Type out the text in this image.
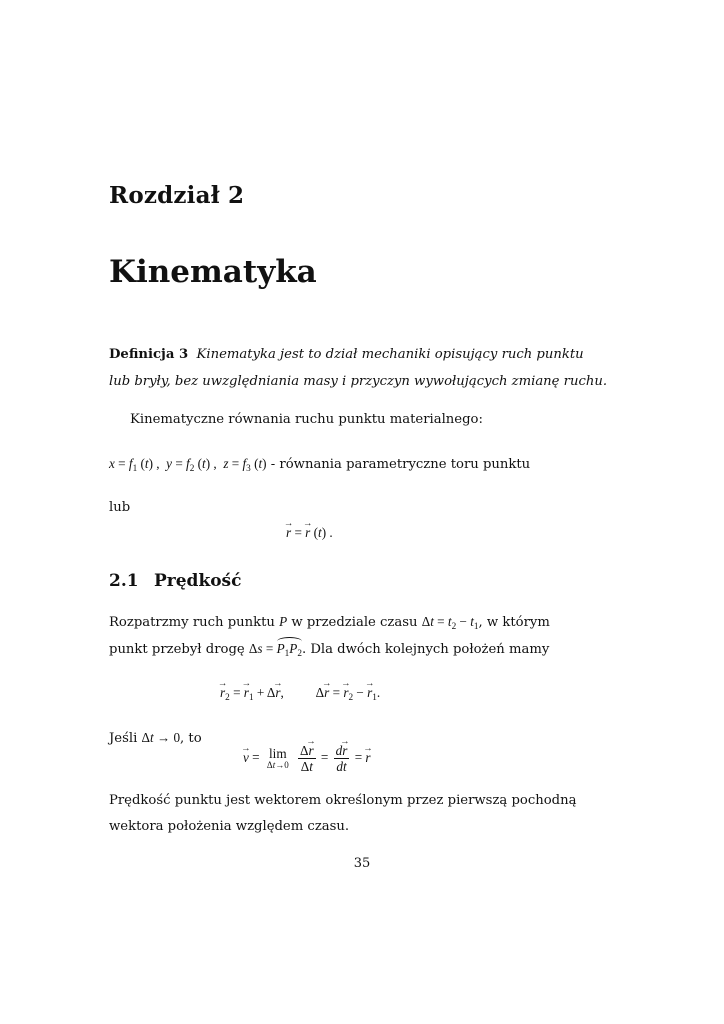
Rozdział 2
Kinematyka
Definicja 3 Kinematyka jest to dział mechaniki opisujący ruch punktu
lub bryły, bez uwzględniania masy i przyczyn wywołujących zmianę ruchu.
Kinematyczne równania ruchu punktu materialnego:
$x = f_1$ (t) ,  $y = f_2$ (t) ,  $z = f_3$ (t) - równania parametryczne toru punktu
lub
→ r = → r (t) .
2.1 Prędkość
Rozpatrzmy ruch punktu P w przedziale czasu $\Delta t = t_2 - t_1$, w którym
punkt przebył drogę $\Delta s = P_1P_2$. Dla dwóch kolejnych położeń mamy
→ $r_2$ = → $r_1 + \Delta\to r$,  Δ→ r = → $r_2$ − → $r_1$.
Jeśli Δt → 0, to
→ v = lim
Δt→0
$\frac{\Delta\to r}{\Delta t} = \frac{d\to r}{dt}$ = → r
Prędkość punktu jest wektorem określonym przez pierwszą pochodną
wektora położenia względem czasu.
35
